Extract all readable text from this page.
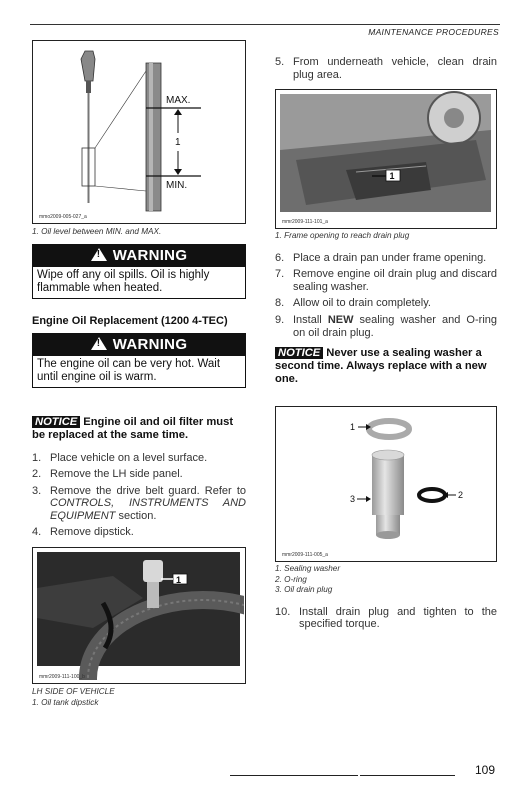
MAINTENANCE PROCEDURES
MAX.
1
MIN.
mmo2009-005-027_a
1. Oil level between MIN. and MAX.
! WARNING
Wipe off any oil spills. Oil is highly flammable when heated.
Engine Oil Replacement (1200 4-TEC)
! WARNING
The engine oil can be very hot. Wait until engine oil is warm.
NOTICE Engine oil and oil filter must be replaced at the same time.
1. Place vehicle on a level surface.
2. Remove the LH side panel.
3. Remove the drive belt guard. Refer to CONTROLS, INSTRUMENTS AND EQUIPMENT section.
4. Remove dipstick.
1
mmr2009-111-100_b
LH SIDE OF VEHICLE
1. Oil tank dipstick
5. From underneath vehicle, clean drain plug area.
1
mmr2009-111-101_a
1. Frame opening to reach drain plug
6. Place a drain pan under frame opening.
7. Remove engine oil drain plug and discard sealing washer.
8. Allow oil to drain completely.
9. Install NEW sealing washer and O-ring on oil drain plug.
NOTICE Never use a sealing washer a second time. Always replace with a new one.
1
3	2
mmr2009-111-005_a
1. Sealing washer
2. O-ring
3. Oil drain plug
10. Install drain plug and tighten to the specified torque.
109
